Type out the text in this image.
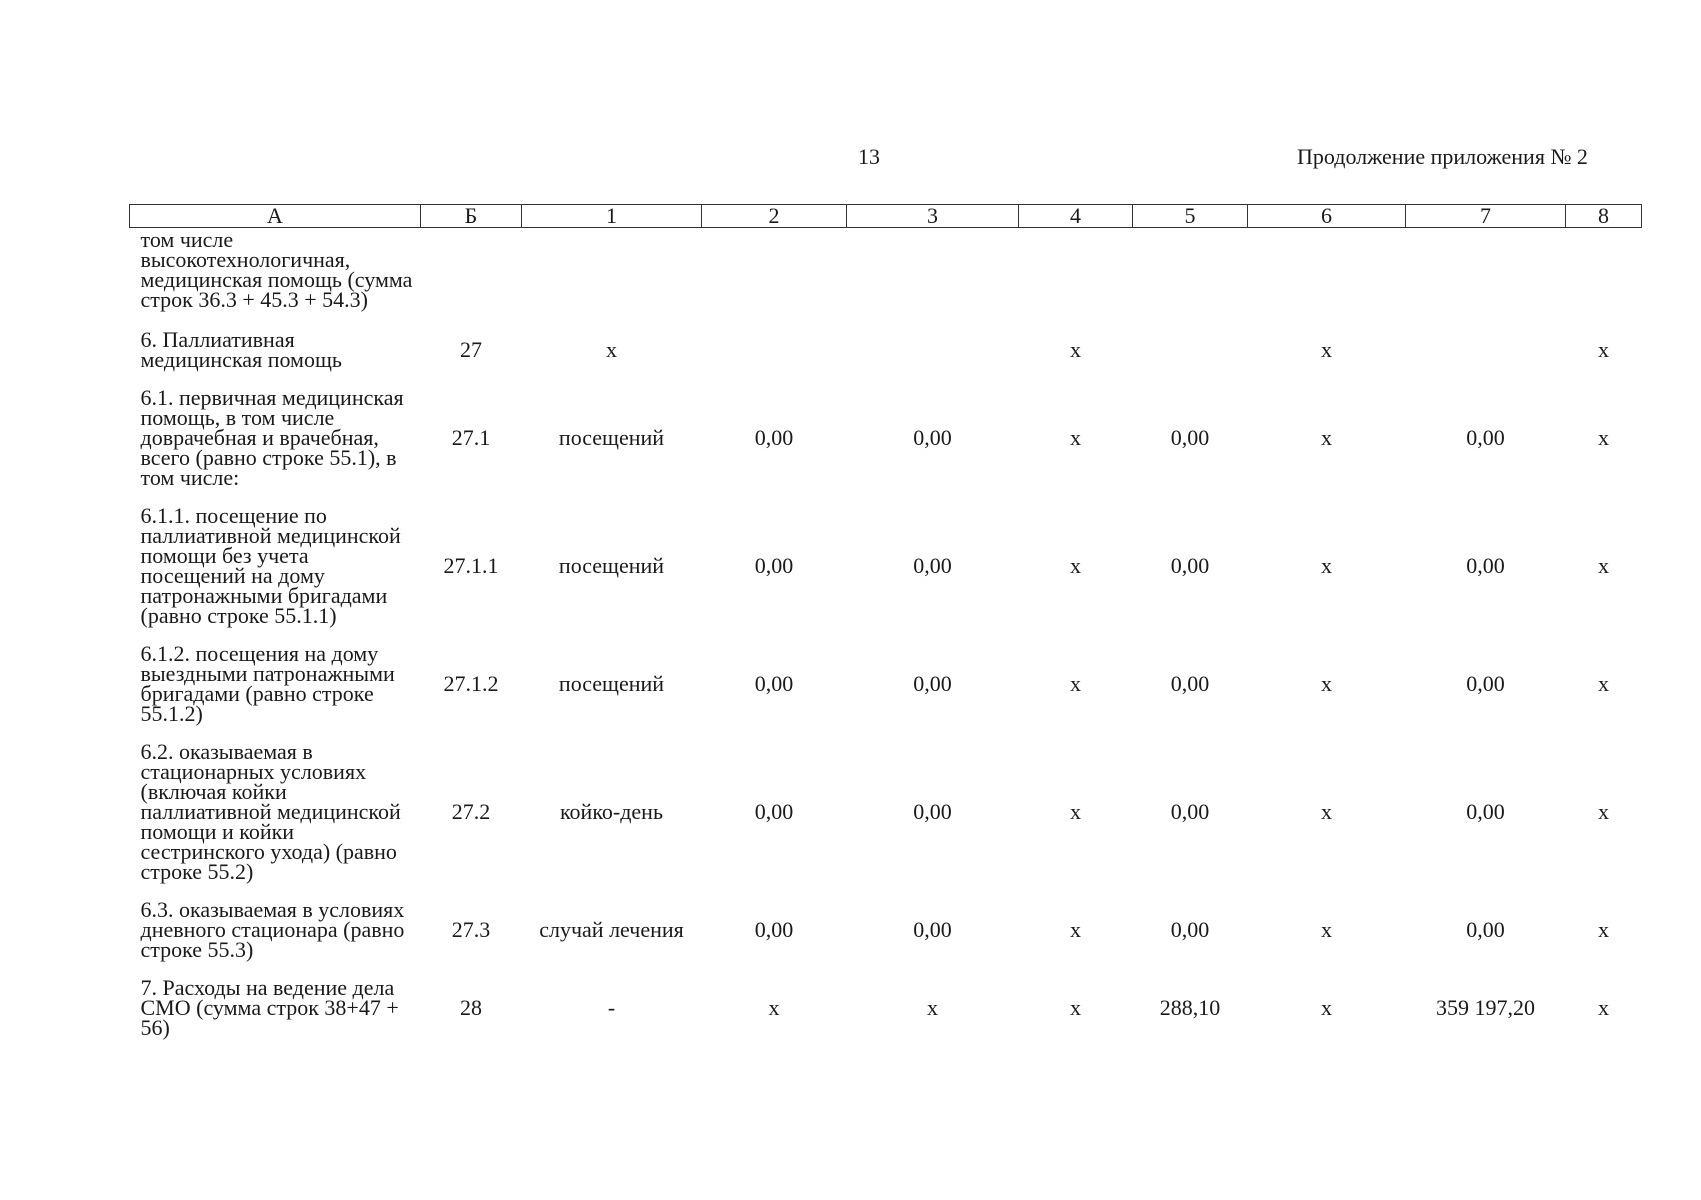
13	Продолжение приложения № 2
А	Б	1	2	3	4	5	6	7	8
том числе высокотехнологичная, медицинская помощь (сумма строк 36.3 + 45.3 + 54.3)									
6. Паллиативная медицинская помощь	27	х			х		х		х
6.1. первичная медицинская помощь, в том числе доврачебная и врачебная, всего (равно строке 55.1), в том числе:	27.1	посещений	0,00	0,00	х	0,00	х	0,00	х
6.1.1. посещение по паллиативной медицинской помощи без учета посещений на дому патронажными бригадами (равно строке 55.1.1)	27.1.1	посещений	0,00	0,00	х	0,00	х	0,00	х
6.1.2. посещения на дому выездными патронажными бригадами (равно строке 55.1.2)	27.1.2	посещений	0,00	0,00	х	0,00	х	0,00	х
6.2. оказываемая в стационарных условиях (включая койки паллиативной медицинской помощи и койки сестринского ухода) (равно строке 55.2)	27.2	койко-день	0,00	0,00	х	0,00	х	0,00	х
6.3. оказываемая в условиях дневного стационара (равно строке 55.3)	27.3	случай лечения	0,00	0,00	х	0,00	х	0,00	х
7. Расходы на ведение дела СМО (сумма строк 38+47 + 56)	28	-	х	х	х	288,10	х	359 197,20	х
